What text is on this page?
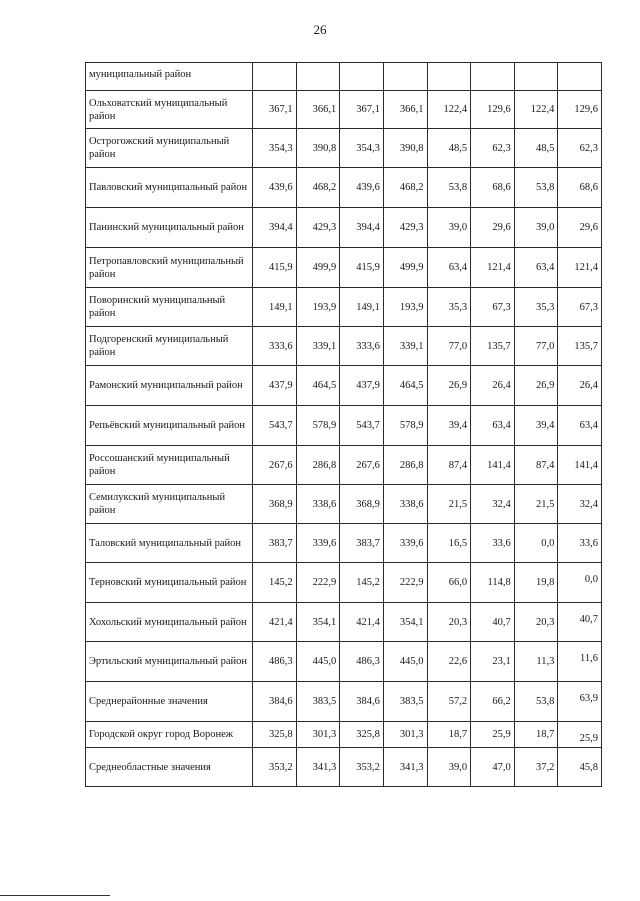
26
муниципальный район								
Ольховатский муниципальный район	367,1	366,1	367,1	366,1	122,4	129,6	122,4	129,6
Острогожский муниципальный район	354,3	390,8	354,3	390,8	48,5	62,3	48,5	62,3
Павловский муниципальный район	439,6	468,2	439,6	468,2	53,8	68,6	53,8	68,6
Панинский муниципальный район	394,4	429,3	394,4	429,3	39,0	29,6	39,0	29,6
Петропавловский муниципальный район	415,9	499,9	415,9	499,9	63,4	121,4	63,4	121,4
Поворинский муниципальный район	149,1	193,9	149,1	193,9	35,3	67,3	35,3	67,3
Подгоренский муниципальный район	333,6	339,1	333,6	339,1	77,0	135,7	77,0	135,7
Рамонский муниципальный район	437,9	464,5	437,9	464,5	26,9	26,4	26,9	26,4
Репьёвский муниципальный район	543,7	578,9	543,7	578,9	39,4	63,4	39,4	63,4
Россошанский муниципальный район	267,6	286,8	267,6	286,8	87,4	141,4	87,4	141,4
Семилукский муниципальный район	368,9	338,6	368,9	338,6	21,5	32,4	21,5	32,4
Таловский муниципальный район	383,7	339,6	383,7	339,6	16,5	33,6	0,0	33,6
Терновский муниципальный район	145,2	222,9	145,2	222,9	66,0	114,8	19,8	0,0
Хохольский муниципальный район	421,4	354,1	421,4	354,1	20,3	40,7	20,3	40,7
Эртильский муниципальный район	486,3	445,0	486,3	445,0	22,6	23,1	11,3	11,6
Среднерайонные значения	384,6	383,5	384,6	383,5	57,2	66,2	53,8	63,9
Городской округ город Воронеж	325,8	301,3	325,8	301,3	18,7	25,9	18,7	25,9
Среднеобластные значения	353,2	341,3	353,2	341,3	39,0	47,0	37,2	45,8
